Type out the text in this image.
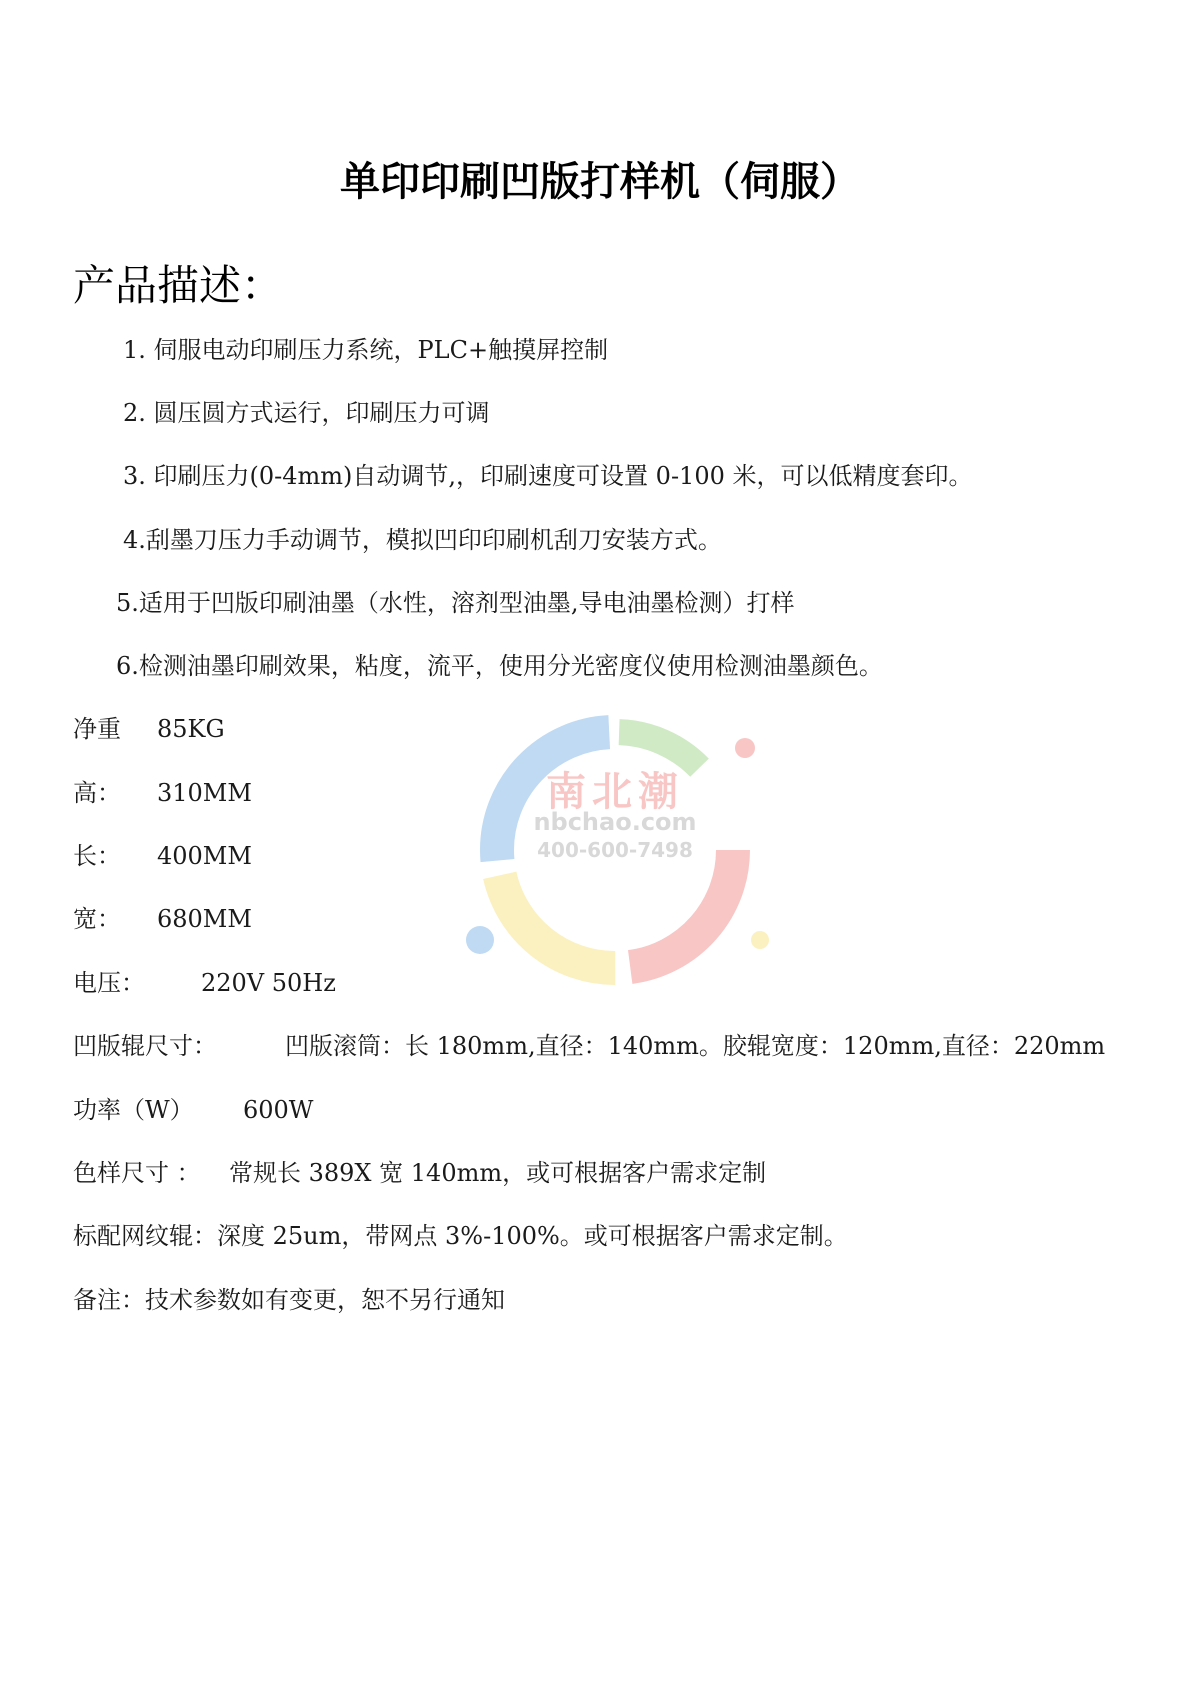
单印印刷凹版打样机（伺服）
产品描述：
1. 伺服电动印刷压力系统，PLC+触摸屏控制
2. 圆压圆方式运行，印刷压力可调
3. 印刷压力(0-4mm)自动调节,，印刷速度可设置 0-100 米，可以低精度套印。
4.刮墨刀压力手动调节，模拟凹印印刷机刮刀安装方式。
5.适用于凹版印刷油墨（水性，溶剂型油墨,导电油墨检测）打样
6.检测油墨印刷效果，粘度，流平，使用分光密度仪使用检测油墨颜色。
南北潮
nbchao.com
400-600-7498
净重 85KG
高： 310MM
长： 400MM
宽： 680MM
电压： 220V 50Hz
凹版辊尺寸：	凹版滚筒：长 180mm,直径：140mm。胶辊宽度：120mm,直径：220mm
功率（W） 600W
色样尺寸 ： 常规长 389X 宽 140mm，或可根据客户需求定制
标配网纹辊：深度 25um，带网点 3%-100%。或可根据客户需求定制。
备注：技术参数如有变更，恕不另行通知
